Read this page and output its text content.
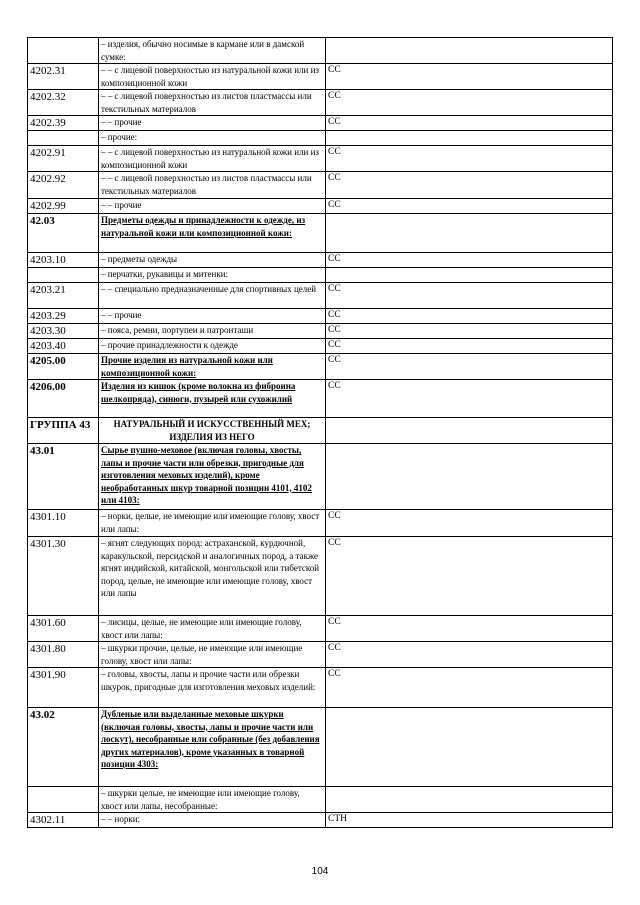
	– изделия, обычно носимые в кармане или в дамской сумке:	
4202.31	– – с лицевой поверхностью из натуральной кожи или из композиционной кожи	СС
4202.32	– – с лицевой поверхностью из листов пластмассы или текстильных материалов	СС
4202.39	– – прочие	СС
	– прочие:	
4202.91	– – с лицевой поверхностью из натуральной кожи или из композиционной кожи	СС
4202.92	– – с лицевой поверхностью из листов пластмассы или текстильных материалов	СС
4202.99	– – прочие	СС
42.03	Предметы одежды и принадлежности к одежде, из натуральной кожи или композиционной кожи:	
4203.10	– предметы одежды	СС
	– перчатки, рукавицы и митенки:	
4203.21	– – специально предназначенные для спортивных целей	СС
4203.29	– – прочие	СС
4203.30	– пояса, ремни, портупеи и патронташи	СС
4203.40	– прочие принадлежности к одежде	СС
4205.00	Прочие изделия из натуральной кожи или композиционной кожи:	СС
4206.00	Изделия из кишок (кроме волокна из фиброина шелкопряда), синюги, пузырей или сухожилий	СС
ГРУППА 43	НАТУРАЛЬНЫЙ И ИСКУССТВЕННЫЙ МЕХ; ИЗДЕЛИЯ ИЗ НЕГО	
43.01	Сырье пушно-меховое (включая головы, хвосты, лапы и прочие части или обрезки, пригодные для изготовления меховых изделий), кроме необработанных шкур товарной позиции 4101, 4102 или 4103:	
4301.10	– норки, целые, не имеющие или имеющие голову, хвост или лапы:	СС
4301.30	– ягнят следующих пород: астраханской, курдючной, каракульской, персидской и аналогичных пород, а также ягнят индийской, китайской, монгольской или тибетской пород, целые, не имеющие или имеющие голову, хвост или лапы	СС
4301.60	– лисицы, целые, не имеющие или имеющие голову, хвост или лапы:	СС
4301.80	– шкурки прочие, целые, не имеющие или имеющие голову, хвост или лапы:	СС
4301.90	– головы, хвосты, лапы и прочие части или обрезки шкурок, пригодные для изготовления меховых изделий:	СС
43.02	Дубленые или выделанные меховые шкурки (включая головы, хвосты, лапы и прочие части или лоскут), несобранные или собранные (без добавления других материалов), кроме указанных в товарной позиции 4303:	
	– шкурки целые, не имеющие или имеющие голову, хвост или лапы, несобранные:	
4302.11	– – норки:	СТН
104
